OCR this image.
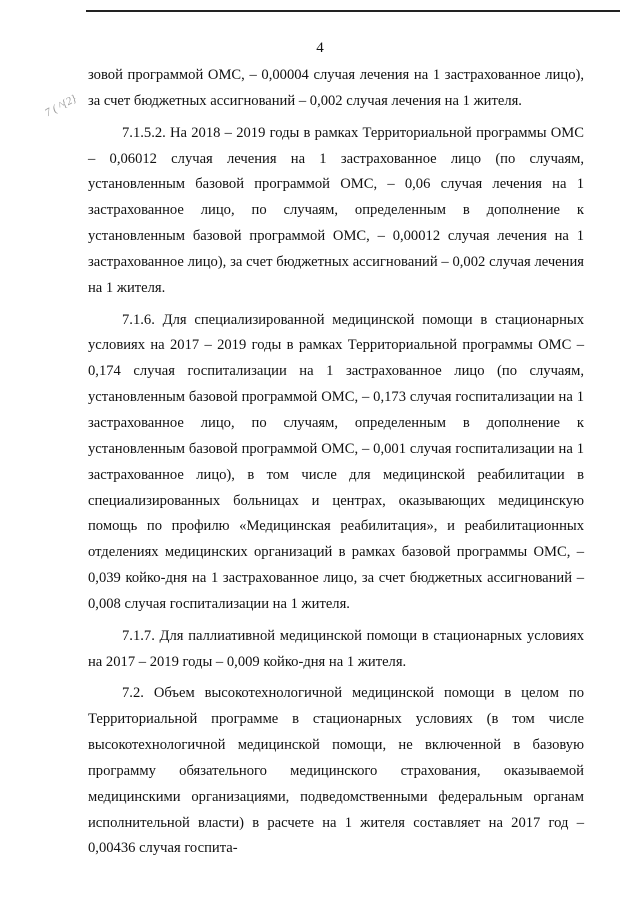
4
7 ( ^{2}

зовой программой ОМС, – 0,00004 случая лечения на 1 застрахованное лицо), за счет бюджетных ассигнований – 0,002 случая лечения на 1 жителя.

7.1.5.2. На 2018 – 2019 годы в рамках Территориальной программы ОМС – 0,06012 случая лечения на 1 застрахованное лицо (по случаям, установленным базовой программой ОМС, – 0,06 случая лечения на 1 застрахованное лицо, по случаям, определенным в дополнение к установленным базовой программой ОМС, – 0,00012 случая лечения на 1 застрахованное лицо), за счет бюджетных ассигнований – 0,002 случая лечения на 1 жителя.

7.1.6. Для специализированной медицинской помощи в стационарных условиях на 2017 – 2019 годы в рамках Территориальной программы ОМС – 0,174 случая госпитализации на 1 застрахованное лицо (по случаям, установленным базовой программой ОМС, – 0,173 случая госпитализации на 1 застрахованное лицо, по случаям, определенным в дополнение к установленным базовой программой ОМС, – 0,001 случая госпитализации на 1 застрахованное лицо), в том числе для медицинской реабилитации в специализированных больницах и центрах, оказывающих медицинскую помощь по профилю «Медицинская реабилитация», и реабилитационных отделениях медицинских организаций в рамках базовой программы ОМС, – 0,039 койко-дня на 1 застрахованное лицо, за счет бюджетных ассигнований – 0,008 случая госпитализации на 1 жителя.

7.1.7. Для паллиативной медицинской помощи в стационарных условиях на 2017 – 2019 годы – 0,009 койко-дня на 1 жителя.

7.2. Объем высокотехнологичной медицинской помощи в целом по Территориальной программе в стационарных условиях (в том числе высокотехнологичной медицинской помощи, не включенной в базовую программу обязательного медицинского страхования, оказываемой медицинскими организациями, подведомственными федеральным органам исполнительной власти) в расчете на 1 жителя составляет на 2017 год – 0,00436 случая госпита-
